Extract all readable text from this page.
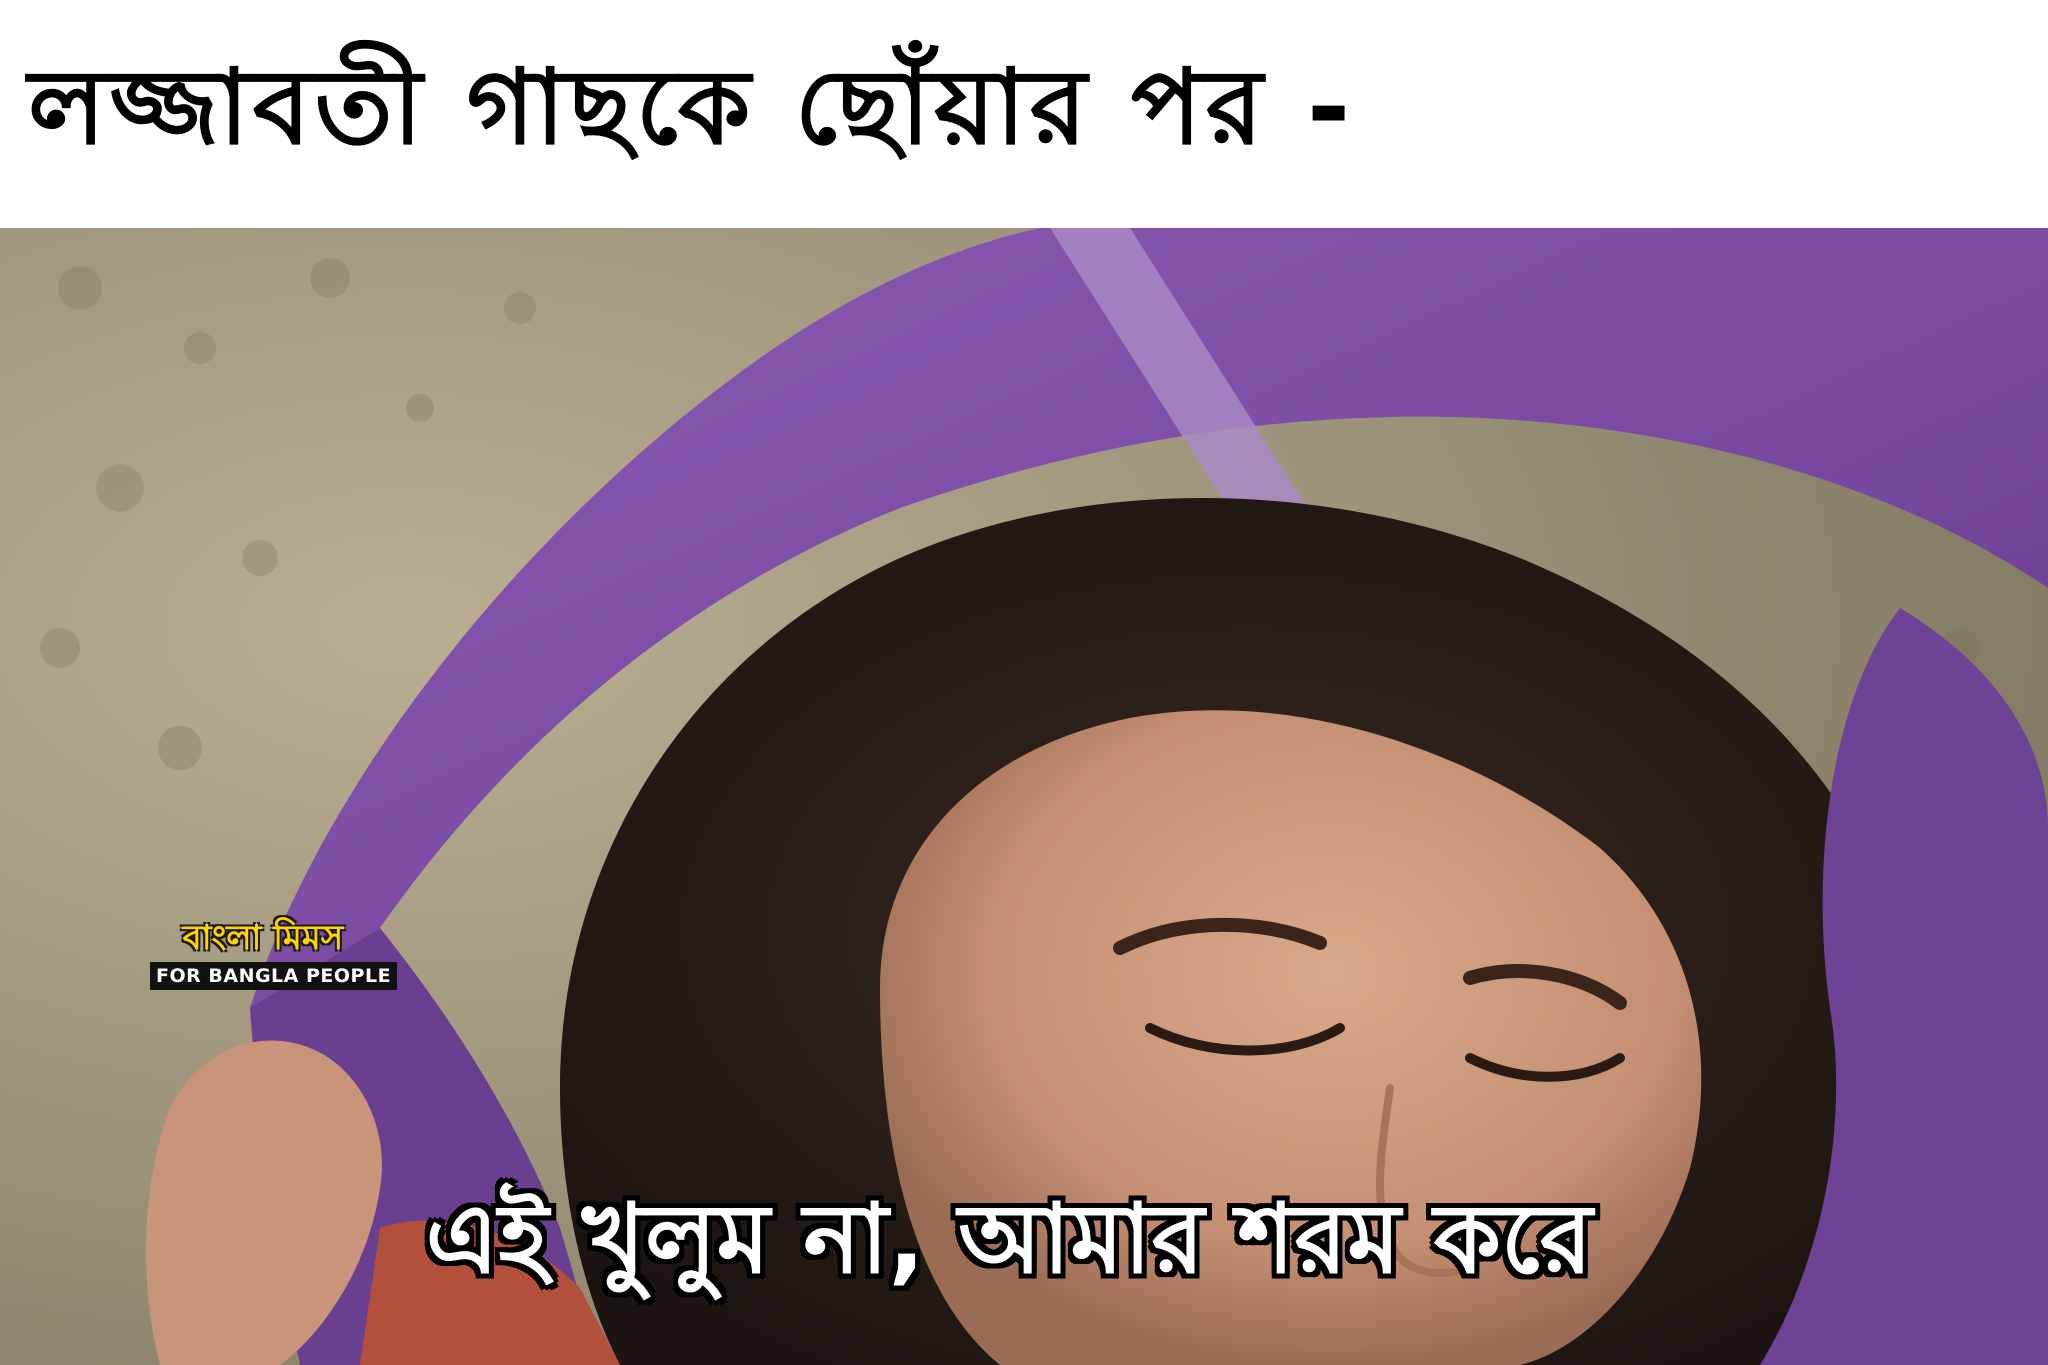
লজ্জাবতী গাছকে ছোঁয়ার পর -
বাংলা মিমস
FOR BANGLA PEOPLE
এই খুলুম না, আমার শরম করে
